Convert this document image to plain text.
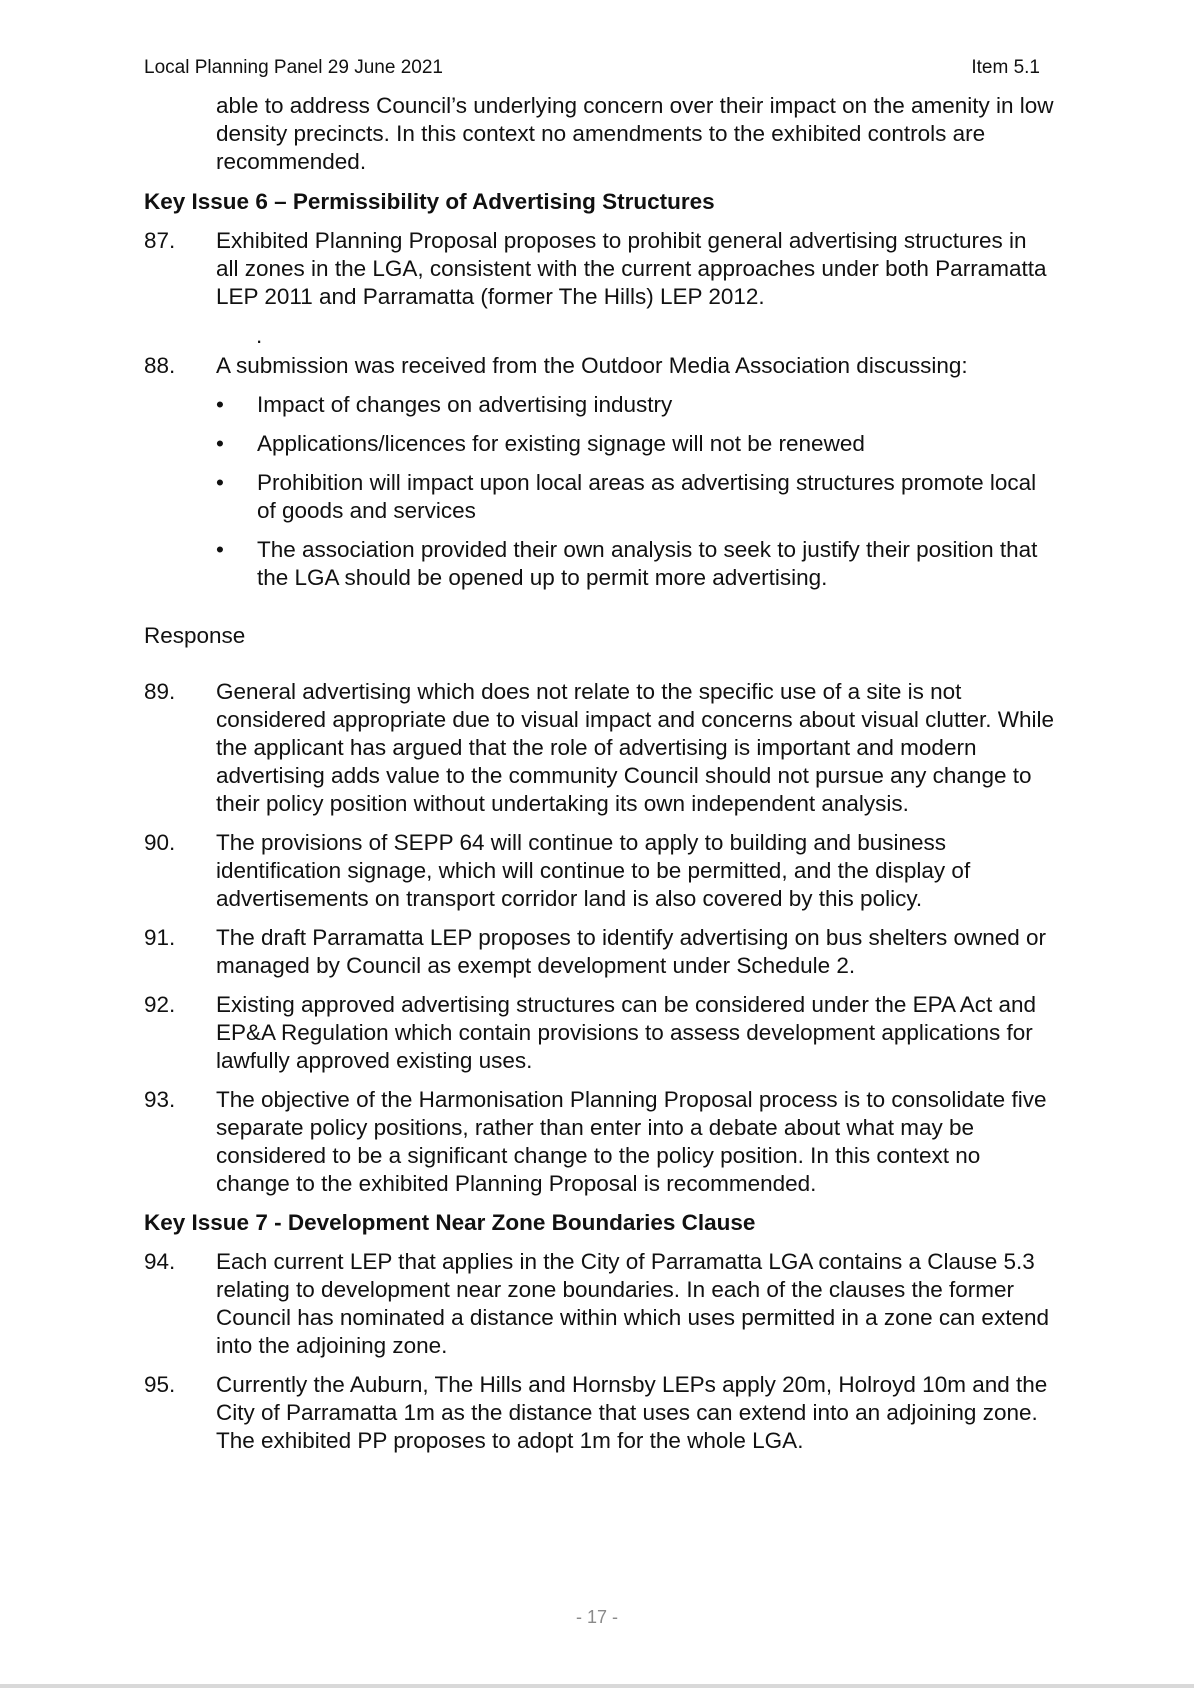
Local Planning Panel 29 June 2021	Item 5.1

able to address Council’s underlying concern over their impact on the amenity in low density precincts. In this context no amendments to the exhibited controls are recommended.

Key Issue 6 – Permissibility of Advertising Structures
87.	Exhibited Planning Proposal proposes to prohibit general advertising structures in all zones in the LGA, consistent with the current approaches under both Parramatta LEP 2011 and Parramatta (former The Hills) LEP 2012.
.
88.	A submission was received from the Outdoor Media Association discussing:
•	Impact of changes on advertising industry
•	Applications/licences for existing signage will not be renewed
•	Prohibition will impact upon local areas as advertising structures promote local of goods and services
•	The association provided their own analysis to seek to justify their position that the LGA should be opened up to permit more advertising.
Response
89.	General advertising which does not relate to the specific use of a site is not considered appropriate due to visual impact and concerns about visual clutter. While the applicant has argued that the role of advertising is important and modern advertising adds value to the community Council should not pursue any change to their policy position without undertaking its own independent analysis.
90.	The provisions of SEPP 64 will continue to apply to building and business identification signage, which will continue to be permitted, and the display of advertisements on transport corridor land is also covered by this policy.
91.	The draft Parramatta LEP proposes to identify advertising on bus shelters owned or managed by Council as exempt development under Schedule 2.
92.	Existing approved advertising structures can be considered under the EPA Act and EP&A Regulation which contain provisions to assess development applications for lawfully approved existing uses.
93.	The objective of the Harmonisation Planning Proposal process is to consolidate five separate policy positions, rather than enter into a debate about what may be considered to be a significant change to the policy position. In this context no change to the exhibited Planning Proposal is recommended.
Key Issue 7 - Development Near Zone Boundaries Clause
94.	Each current LEP that applies in the City of Parramatta LGA contains a Clause 5.3 relating to development near zone boundaries. In each of the clauses the former Council has nominated a distance within which uses permitted in a zone can extend into the adjoining zone.
95.	Currently the Auburn, The Hills and Hornsby LEPs apply 20m, Holroyd 10m and the City of Parramatta 1m as the distance that uses can extend into an adjoining zone. The exhibited PP proposes to adopt 1m for the whole LGA.
- 17 -
